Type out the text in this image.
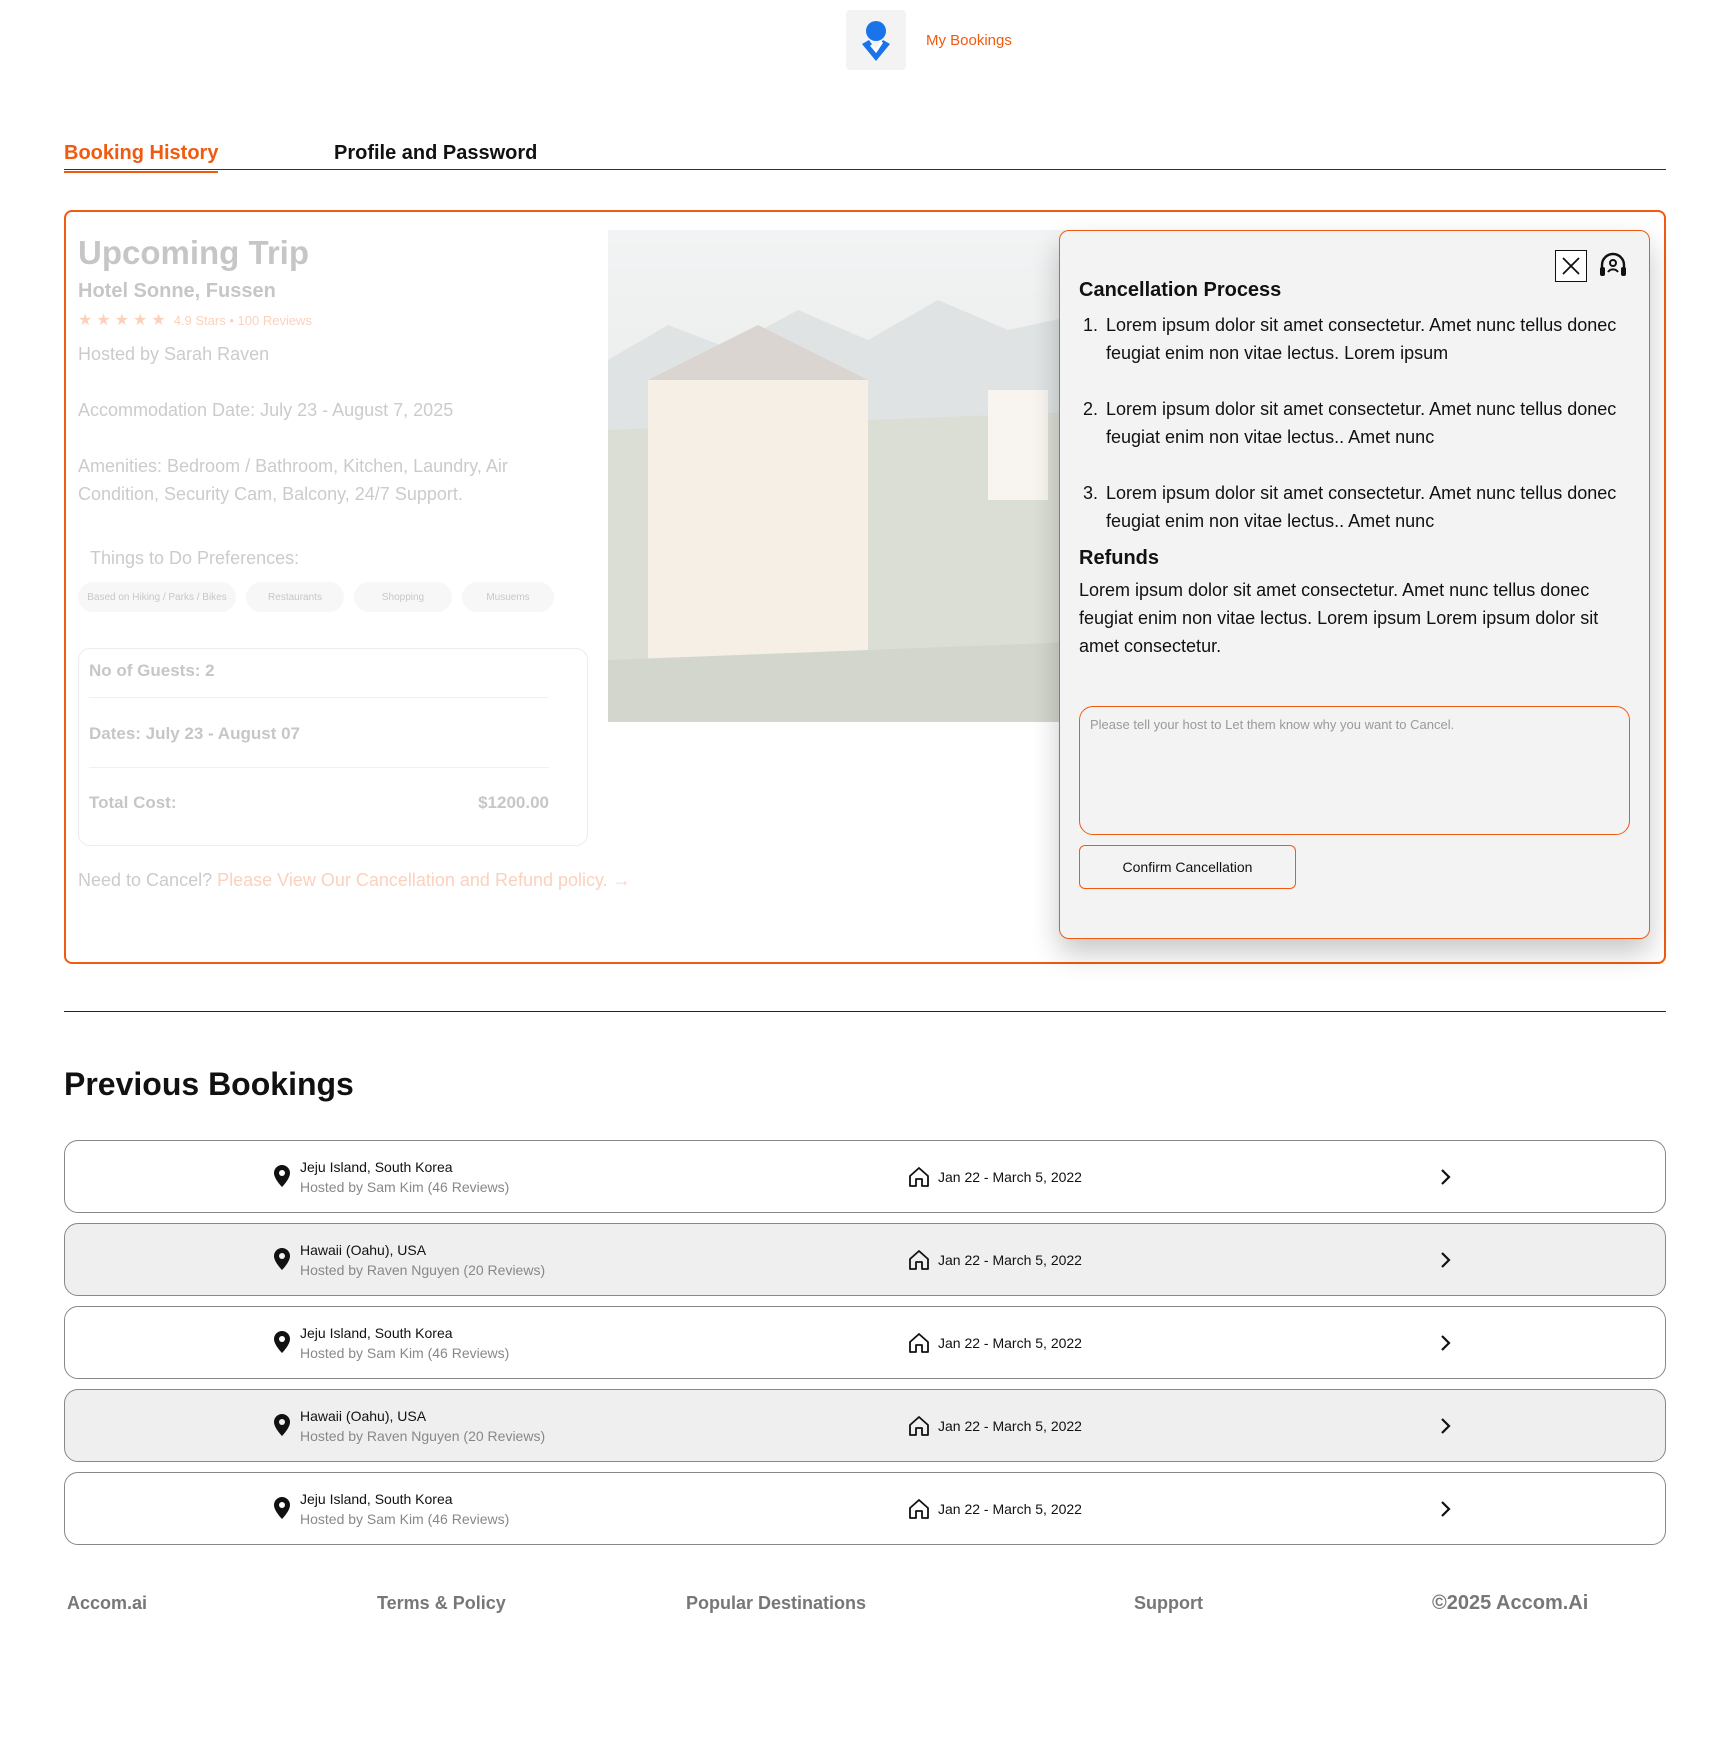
My Bookings
Booking History	Profile and Password
Upcoming Trip
Hotel Sonne, Fussen
★★★★★ 4.9 Stars • 100 Reviews
Hosted by Sarah Raven
Accommodation Date: July 23 - August 7, 2025
Amenities: Bedroom / Bathroom, Kitchen, Laundry, Air Condition, Security Cam, Balcony, 24/7 Support.
Things to Do Preferences:
Based on Hiking / Parks / Bikes	Restaurants	Shopping	Musuems
No of Guests: 2
Dates: July 23 - August 07
Total Cost:	$1200.00
Need to Cancel? Please View Our Cancellation and Refund policy. →
Cancellation Process
1. Lorem ipsum dolor sit amet consectetur. Amet nunc tellus donec feugiat enim non vitae lectus. Lorem ipsum
2. Lorem ipsum dolor sit amet consectetur. Amet nunc tellus donec feugiat enim non vitae lectus.. Amet nunc
3. Lorem ipsum dolor sit amet consectetur. Amet nunc tellus donec feugiat enim non vitae lectus.. Amet nunc
Refunds
Lorem ipsum dolor sit amet consectetur. Amet nunc tellus donec feugiat enim non vitae lectus. Lorem ipsum Lorem ipsum dolor sit amet consectetur.
Please tell your host to Let them know why you want to Cancel.
Confirm Cancellation
Previous Bookings
Jeju Island, South Korea
Hosted by Sam Kim (46 Reviews)
Jan 22 - March 5, 2022
Hawaii (Oahu), USA
Hosted by Raven Nguyen (20 Reviews)
Jan 22 - March 5, 2022
Jeju Island, South Korea
Hosted by Sam Kim (46 Reviews)
Jan 22 - March 5, 2022
Hawaii (Oahu), USA
Hosted by Raven Nguyen (20 Reviews)
Jan 22 - March 5, 2022
Jeju Island, South Korea
Hosted by Sam Kim (46 Reviews)
Jan 22 - March 5, 2022
Accom.ai	Terms & Policy	Popular Destinations	Support	©2025 Accom.Ai
